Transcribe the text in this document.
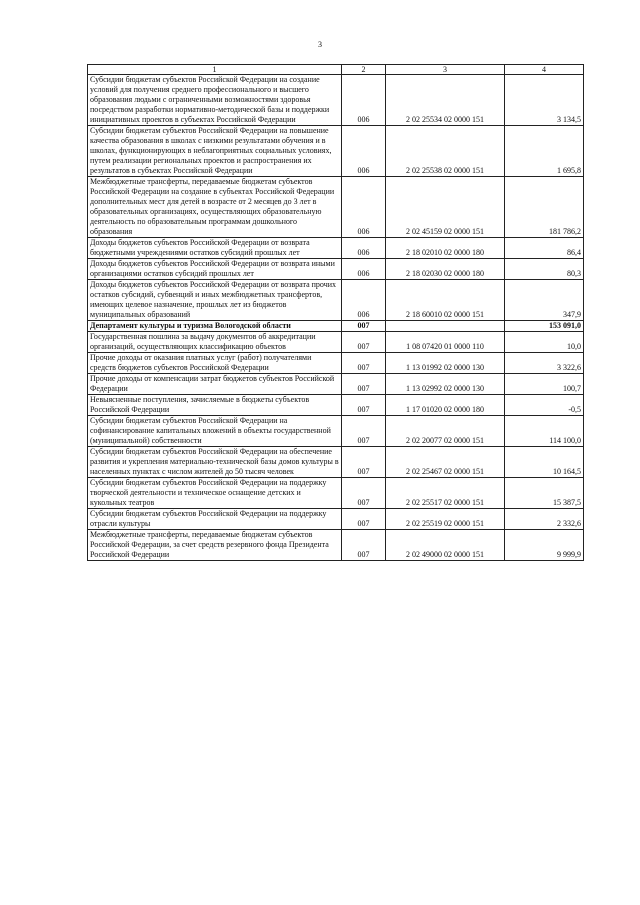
3
1	2	3	4
Субсидии бюджетам субъектов Российской Федерации на создание условий для получения среднего профессионального и высшего образования людьми с ограниченными возможностями здоровья посредством разработки нормативно-методической базы и поддержки инициативных проектов в субъектах Российской Федерации	006	2 02 25534 02 0000 151	3 134,5
Субсидии бюджетам субъектов Российской Федерации на повышение качества образования в школах с низкими результатами обучения и в школах, функционирующих в неблагоприятных социальных условиях, путем реализации региональных проектов и распространения их результатов в субъектах Российской Федерации	006	2 02 25538 02 0000 151	1 695,8
Межбюджетные трансферты, передаваемые бюджетам субъектов Российской Федерации на создание в субъектах Российской Федерации дополнительных мест для детей в возрасте от 2 месяцев до 3 лет в образовательных организациях, осуществляющих образовательную деятельность по образовательным программам дошкольного образования	006	2 02 45159 02 0000 151	181 786,2
Доходы бюджетов субъектов Российской Федерации от возврата бюджетными учреждениями остатков субсидий прошлых лет	006	2 18 02010 02 0000 180	86,4
Доходы бюджетов субъектов Российской Федерации от возврата иными организациями остатков субсидий прошлых лет	006	2 18 02030 02 0000 180	80,3
Доходы бюджетов субъектов Российской Федерации от возврата прочих остатков субсидий, субвенций и иных межбюджетных трансфертов, имеющих целевое назначение, прошлых лет из бюджетов муниципальных образований	006	2 18 60010 02 0000 151	347,9
Департамент культуры и туризма Вологодской области	007		153 091,0
Государственная пошлина за выдачу документов об аккредитации организаций, осуществляющих классификацию объектов	007	1 08 07420 01 0000 110	10,0
Прочие доходы от оказания платных услуг (работ) получателями средств бюджетов субъектов Российской Федерации	007	1 13 01992 02 0000 130	3 322,6
Прочие доходы от компенсации затрат бюджетов субъектов Российской Федерации	007	1 13 02992 02 0000 130	100,7
Невыясненные поступления, зачисляемые в бюджеты субъектов Российской Федерации	007	1 17 01020 02 0000 180	-0,5
Субсидии бюджетам субъектов Российской Федерации на софинансирование капитальных вложений в объекты государственной (муниципальной) собственности	007	2 02 20077 02 0000 151	114 100,0
Субсидии бюджетам субъектов Российской Федерации на обеспечение развития и укрепления материально-технической базы домов культуры в населенных пунктах с числом жителей до 50 тысяч человек	007	2 02 25467 02 0000 151	10 164,5
Субсидии бюджетам субъектов Российской Федерации на поддержку творческой деятельности и техническое оснащение детских и кукольных театров	007	2 02 25517 02 0000 151	15 387,5
Субсидии бюджетам субъектов Российской Федерации на поддержку отрасли культуры	007	2 02 25519 02 0000 151	2 332,6
Межбюджетные трансферты, передаваемые бюджетам субъектов Российской Федерации, за счет средств резервного фонда Президента Российской Федерации	007	2 02 49000 02 0000 151	9 999,9
